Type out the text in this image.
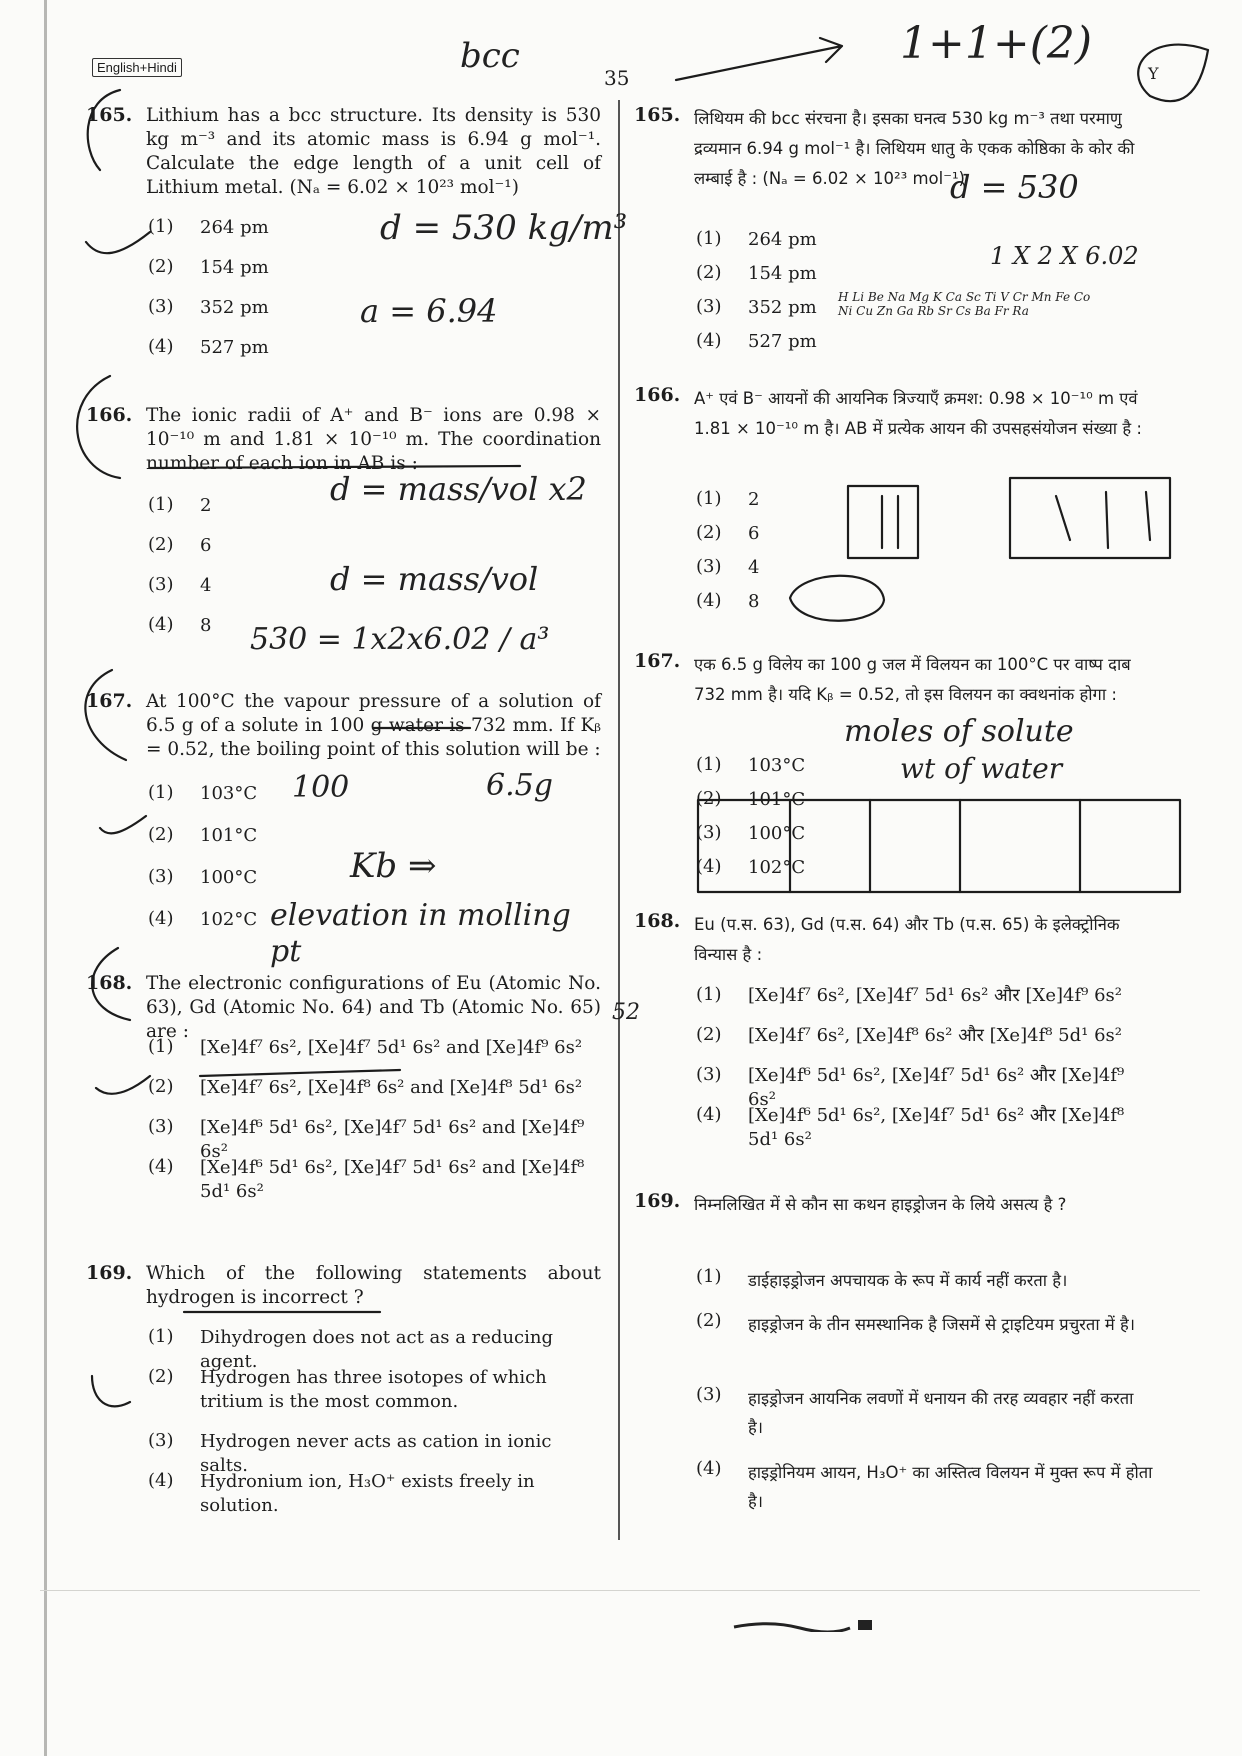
English+Hindi	35
165. Lithium has a bcc structure. Its density is 530 kg m⁻³ and its atomic mass is 6.94 g mol⁻¹. Calculate the edge length of a unit cell of Lithium metal. (Nₐ = 6.02 × 10²³ mol⁻¹)
(1)	264 pm
(2)	154 pm
(3)	352 pm
(4)	527 pm
166. The ionic radii of A⁺ and B⁻ ions are 0.98 × 10⁻¹⁰ m and 1.81 × 10⁻¹⁰ m. The coordination number of each ion in AB is :
(1)	2
(2)	6
(3)	4
(4)	8
167. At 100°C the vapour pressure of a solution of 6.5 g of a solute in 100 g water is 732 mm. If Kᵦ = 0.52, the boiling point of this solution will be :
(1)	103°C
(2)	101°C
(3)	100°C
(4)	102°C
168. The electronic configurations of Eu (Atomic No. 63), Gd (Atomic No. 64) and Tb (Atomic No. 65) are :
(1)	[Xe]4f⁷ 6s², [Xe]4f⁷ 5d¹ 6s² and [Xe]4f⁹ 6s²
(2)	[Xe]4f⁷ 6s², [Xe]4f⁸ 6s² and [Xe]4f⁸ 5d¹ 6s²
(3)	[Xe]4f⁶ 5d¹ 6s², [Xe]4f⁷ 5d¹ 6s² and [Xe]4f⁹ 6s²
(4)	[Xe]4f⁶ 5d¹ 6s², [Xe]4f⁷ 5d¹ 6s² and [Xe]4f⁸ 5d¹ 6s²
169. Which of the following statements about hydrogen is incorrect ?
(1)	Dihydrogen does not act as a reducing agent.
(2)	Hydrogen has three isotopes of which tritium is the most common.
(3)	Hydrogen never acts as cation in ionic salts.
(4)	Hydronium ion, H₃O⁺ exists freely in solution.
165. लिथियम की bcc संरचना है। इसका घनत्व 530 kg m⁻³ तथा परमाणु द्रव्यमान 6.94 g mol⁻¹ है। लिथियम धातु के एकक कोष्ठिका के कोर की लम्बाई है : (Nₐ = 6.02 × 10²³ mol⁻¹)
(1)	264 pm
(2)	154 pm
(3)	352 pm
(4)	527 pm
166. A⁺ एवं B⁻ आयनों की आयनिक त्रिज्याएँ क्रमश: 0.98 × 10⁻¹⁰ m एवं 1.81 × 10⁻¹⁰ m है। AB में प्रत्येक आयन की उपसहसंयोजन संख्या है :
(1)	2
(2)	6
(3)	4
(4)	8
167. एक 6.5 g विलेय का 100 g जल में विलयन का 100°C पर वाष्प दाब 732 mm है। यदि Kᵦ = 0.52, तो इस विलयन का क्वथनांक होगा :
(1)	103°C
(2)	101°C
(3)	100°C
(4)	102°C
168. Eu (प.स. 63), Gd (प.स. 64) और Tb (प.स. 65) के इलेक्ट्रोनिक विन्यास है :
(1)	[Xe]4f⁷ 6s², [Xe]4f⁷ 5d¹ 6s² और [Xe]4f⁹ 6s²
(2)	[Xe]4f⁷ 6s², [Xe]4f⁸ 6s² और [Xe]4f⁸ 5d¹ 6s²
(3)	[Xe]4f⁶ 5d¹ 6s², [Xe]4f⁷ 5d¹ 6s² और [Xe]4f⁹ 6s²
(4)	[Xe]4f⁶ 5d¹ 6s², [Xe]4f⁷ 5d¹ 6s² और [Xe]4f⁸ 5d¹ 6s²
169. निम्नलिखित में से कौन सा कथन हाइड्रोजन के लिये असत्य है ?
(1)	डाईहाइड्रोजन अपचायक के रूप में कार्य नहीं करता है।
(2)	हाइड्रोजन के तीन समस्थानिक है जिसमें से ट्राइटियम प्रचुरता में है।
(3)	हाइड्रोजन आयनिक लवणों में धनायन की तरह व्यवहार नहीं करता है।
(4)	हाइड्रोनियम आयन, H₃O⁺ का अस्तित्व विलयन में मुक्त रूप में होता है।
bcc	1+1+(2)
Y
d = 530 kg/m³
a = 6.94
d = 530
1 X 2 X 6.02
H Li Be Na Mg K Ca Sc Ti V Cr Mn Fe Co Ni Cu Zn Ga Rb Sr Cs Ba Fr Ra
d = mass/vol x2
d = mass/vol
530 = 1x2x6.02 / a³
100	6.5g
Kb ⇒
elevation in molling pt
moles of solute
wt of water
52
